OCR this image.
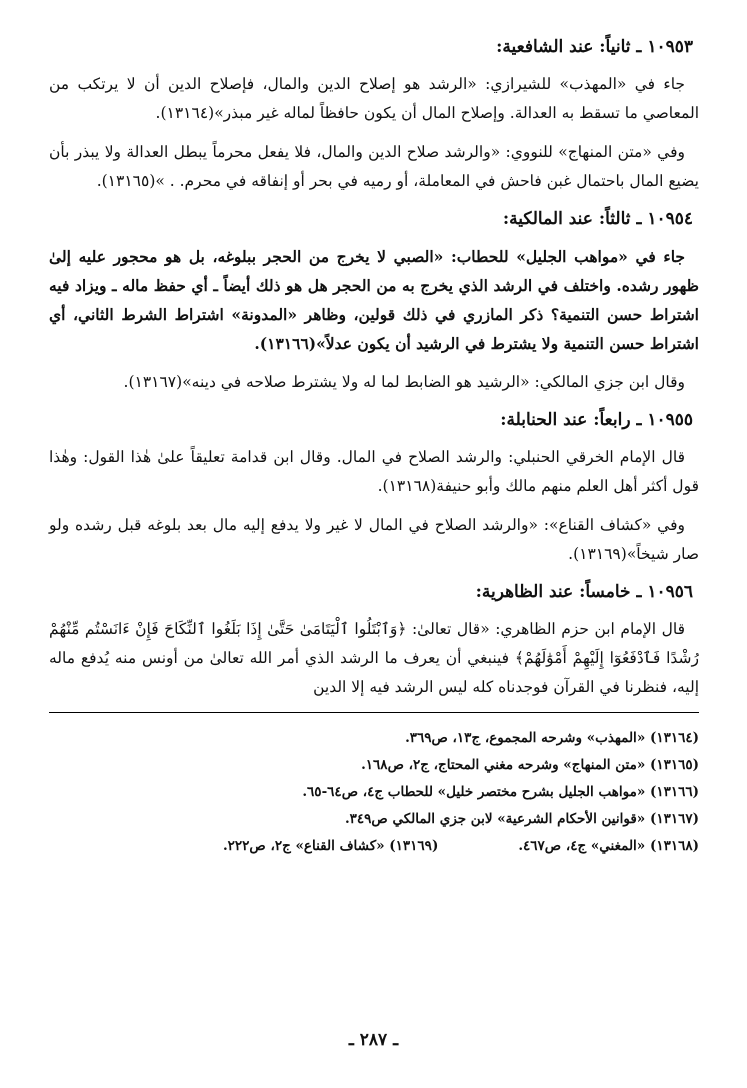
١٠٩٥٣ ـ ثانياً: عند الشافعية:
جاء في «المهذب» للشيرازي: «الرشد هو إصلاح الدين والمال، فإصلاح الدين أن لا يرتكب من المعاصي ما تسقط به العدالة. وإصلاح المال أن يكون حافظاً لماله غير مبذر»(١٣١٦٤).
وفي «متن المنهاج» للنووي: «والرشد صلاح الدين والمال، فلا يفعل محرماً يبطل العدالة ولا يبذر بأن يضيع المال باحتمال غبن فاحش في المعاملة، أو رميه في بحر أو إنفاقه في محرم. . »(١٣١٦٥).
١٠٩٥٤ ـ ثالثاً: عند المالكية:
جاء في «مواهب الجليل» للحطاب: «الصبي لا يخرج من الحجر ببلوغه، بل هو محجور عليه إلىٰ ظهور رشده. واختلف في الرشد الذي يخرج به من الحجر هل هو ذلك أيضاً ـ أي حفظ ماله ـ ويزاد فيه اشتراط حسن التنمية؟ ذكر المازري في ذلك قولين، وظاهر «المدونة» اشتراط الشرط الثاني، أي اشتراط حسن التنمية ولا يشترط في الرشيد أن يكون عدلاً»(١٣١٦٦).
وقال ابن جزي المالكي: «الرشيد هو الضابط لما له ولا يشترط صلاحه في دينه»(١٣١٦٧).
١٠٩٥٥ ـ رابعاً: عند الحنابلة:
قال الإمام الخرقي الحنبلي: والرشد الصلاح في المال. وقال ابن قدامة تعليقاً علىٰ هٰذا القول: وهٰذا قول أكثر أهل العلم منهم مالك وأبو حنيفة(١٣١٦٨).
وفي «كشاف القناع»: «والرشد الصلاح في المال لا غير ولا يدفع إليه مال بعد بلوغه قبل رشده ولو صار شيخاً»(١٣١٦٩).
١٠٩٥٦ ـ خامساً: عند الظاهرية:
قال الإمام ابن حزم الظاهري: «قال تعالىٰ: ﴿وَٱبْتَلُوا ٱلْيَتَامَىٰ حَتَّىٰ إِذَا بَلَغُوا ٱلنِّكَاحَ فَإِنْ ءَانَسْتُم مِّنْهُمْ رُشْدًا فَٱدْفَعُوٓا إِلَيْهِمْ أَمْوَٰلَهُمْ﴾ فينبغي أن يعرف ما الرشد الذي أمر الله تعالىٰ من أونس منه يُدفع ماله إليه، فنظرنا في القرآن فوجدناه كله ليس الرشد فيه إلا الدين
(١٣١٦٤) «المهذب» وشرحه المجموع، ج١٣، ص٣٦٩.
(١٣١٦٥) «متن المنهاج» وشرحه مغني المحتاج، ج٢، ص١٦٨.
(١٣١٦٦) «مواهب الجليل بشرح مختصر خليل» للحطاب ج٤، ص٦٤-٦٥.
(١٣١٦٧) «قوانين الأحكام الشرعية» لابن جزي المالكي ص٣٤٩.
(١٣١٦٨) «المغني» ج٤، ص٤٦٧.
(١٣١٦٩) «كشاف القناع» ج٢، ص٢٢٢.
ـ ٢٨٧ ـ
